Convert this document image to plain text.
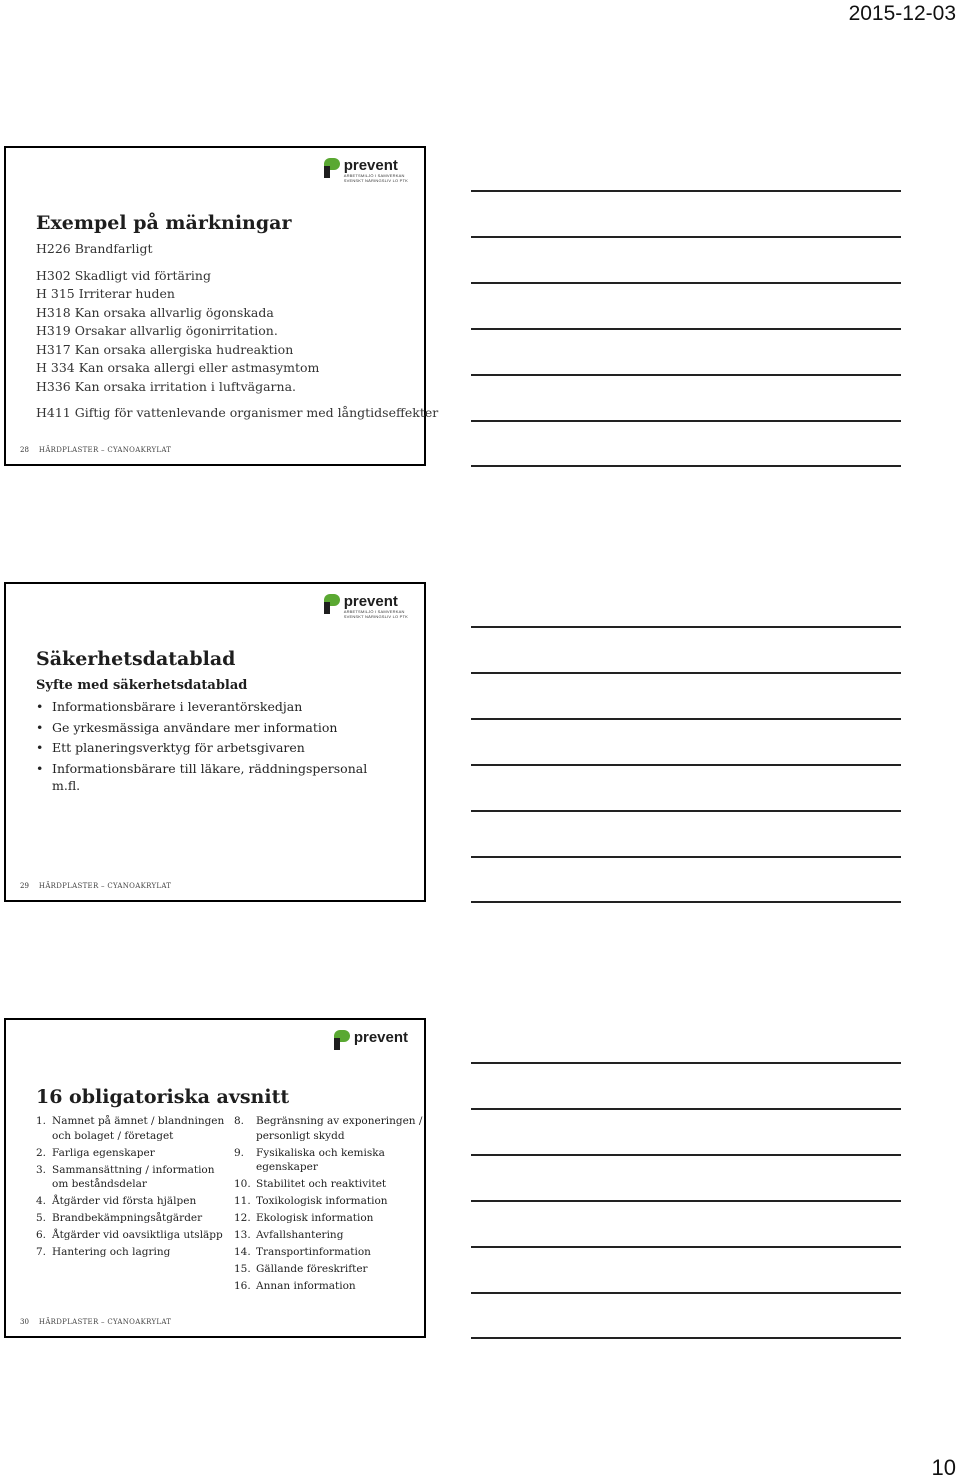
2015-12-03
prevent
ARBETSMILJÖ I SAMVERKAN
SVENSKT NÄRINGSLIV LO PTK
Exempel på märkningar
H226 Brandfarligt
H302 Skadligt vid förtäring
H 315 Irriterar huden
H318 Kan orsaka allvarlig ögonskada
H319 Orsakar allvarlig ögonirritation.
H317 Kan orsaka allergiska hudreaktion
H 334 Kan orsaka allergi eller astmasymtom
H336 Kan orsaka irritation i luftvägarna.
H411 Giftig för vattenlevande organismer med långtidseffekter
28 HÄRDPLASTER – CYANOAKRYLAT
prevent
ARBETSMILJÖ I SAMVERKAN
SVENSKT NÄRINGSLIV LO PTK
Säkerhetsdatablad
Syfte med säkerhetsdatablad
• Informationsbärare i leverantörskedjan
• Ge yrkesmässiga användare mer information
• Ett planeringsverktyg för arbetsgivaren
• Informationsbärare till läkare, räddningspersonal m.fl.
29 HÄRDPLASTER – CYANOAKRYLAT
prevent
16 obligatoriska avsnitt
1. Namnet på ämnet / blandningen och bolaget / företaget
2. Farliga egenskaper
3. Sammansättning / information om beståndsdelar
4. Åtgärder vid första hjälpen
5. Brandbekämpningsåtgärder
6. Åtgärder vid oavsiktliga utsläpp
7. Hantering och lagring
8.	Begränsning av exponeringen / personligt skydd
9.	Fysikaliska och kemiska egenskaper
10. Stabilitet och reaktivitet
11. Toxikologisk information
12. Ekologisk information
13. Avfallshantering
14. Transportinformation
15. Gällande föreskrifter
16. Annan information
30 HÄRDPLASTER – CYANOAKRYLAT
10
